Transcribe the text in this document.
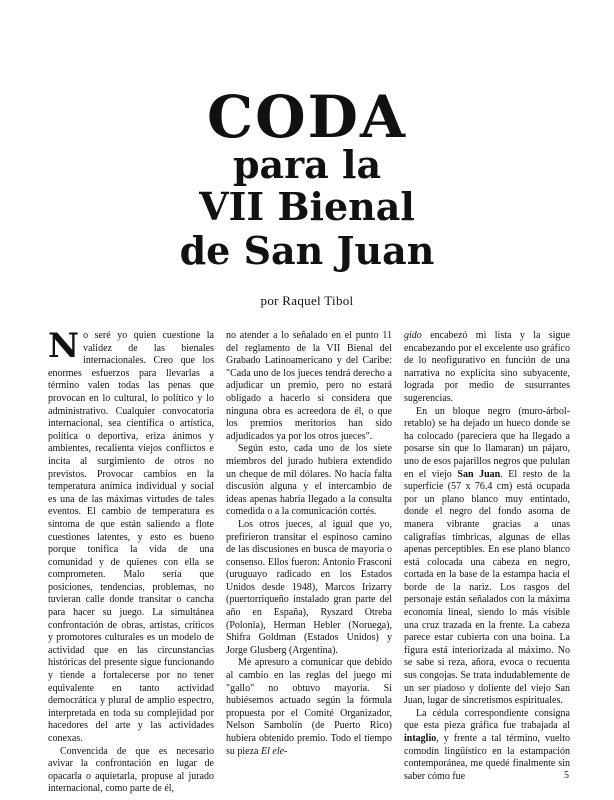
CODA
para la
VII Bienal
de San Juan
por Raquel Tibol

No seré yo quien cuestione la validez de las bienales internacionales. Creo que los enormes esfuerzos para llevarlas a término valen todas las penas que provocan en lo cultural, lo político y lo administrativo. Cualquier convocatoria internacional, sea científica o artística, política o deportiva, eriza ánimos y ambientes, recalienta viejos conflictos e incita al surgimiento de otros no previstos. Provocar cambios en la temperatura anímica individual y social es una de las máximas virtudes de tales eventos. El cambio de temperatura es síntoma de que están saliendo a flote cuestiones latentes, y esto es bueno porque tonifica la vida de una comunidad y de quienes con ella se comprometen. Malo sería que posiciones, tendencias, problemas, no tuvieran calle donde transitar o cancha para hacer su juego. La simultánea confrontación de obras, artistas, críticos y promotores culturales es un modelo de actividad que en las circunstancias históricas del presente sigue funcionando y tiende a fortalecerse por no tener equivalente en tanto actividad democrática y plural de amplio espectro, interpretada en toda su complejidad por hacedores del arte y las actividades conexas.

Convencida de que es necesario avivar la confrontación en lugar de opacarla o aquietarla, propuse al jurado internacional, como parte de él,

no atender a lo señalado en el punto 11 del reglamento de la VII Bienal del Grabado Latinoamericano y del Caribe: "Cada uno de los jueces tendrá derecho a adjudicar un premio, pero no estará obligado a hacerlo si considera que ninguna obra es acreedora de él, o que los premios meritorios han sido adjudicados ya por los otros jueces".

Según esto, cada uno de los siete miembros del jurado hubiera extendido un cheque de mil dólares. No hacía falta discusión alguna y el intercambio de ideas apenas habría llegado a la consulta comedida o a la comunicación cortés.

Los otros jueces, al igual que yo, prefirieron transitar el espinoso camino de las discusiones en busca de mayoría o consenso. Ellos fueron: Antonio Frasconi (uruguayo radicado en los Estados Unidos desde 1948), Marcos Irizarry (puertorriqueño instalado gran parte del año en España), Ryszard Otreba (Polonia), Herman Hebler (Noruega), Shifra Goldman (Estados Unidos) y Jorge Glusberg (Argentina).

Me apresuro a comunicar que debido al cambio en las reglas del juego mi "gallo" no obtuvo mayoría. Si hubiésemos actuado según la fórmula propuesta por el Comité Organizador, Nelson Sambolín (de Puerto Rico) hubiera obtenido premio. Todo el tiempo su pieza El ele-

gido encabezó mi lista y la sigue encabezando por el excelente uso gráfico de lo neofigurativo en función de una narrativa no explícita sino subyacente, lograda por medio de susurrantes sugerencias.

En un bloque negro (muro-árbol-retablo) se ha dejado un hueco donde se ha colocado (pareciera que ha llegado a posarse sin que lo llamaran) un pájaro, uno de esos pajarillos negros que pululan en el viejo San Juan. El resto de la superficie (57 x 76.4 cm) está ocupada por un plano blanco muy entintado, donde el negro del fondo asoma de manera vibrante gracias a unas caligrafías tímbricas, algunas de ellas apenas perceptibles. En ese plano blanco está colocada una cabeza en negro, cortada en la base de la estampa hacia el borde de la nariz. Los rasgos del personaje están señalados con la máxima economía lineal, siendo lo más visible una cruz trazada en la frente. La cabeza parece estar cubierta con una boina. La figura está interiorizada al máximo. No se sabe si reza, añora, evoca o recuenta sus congojas. Se trata indudablemente de un ser piadoso y doliente del viejo San Juan, lugar de sincretismos espirituales.

La cédula correspondiente consigna que esta pieza gráfica fue trabajada al intaglio, y frente a tal término, vuelto comodín lingüístico en la estampación contemporánea, me quedé finalmente sin saber cómo fue	5
